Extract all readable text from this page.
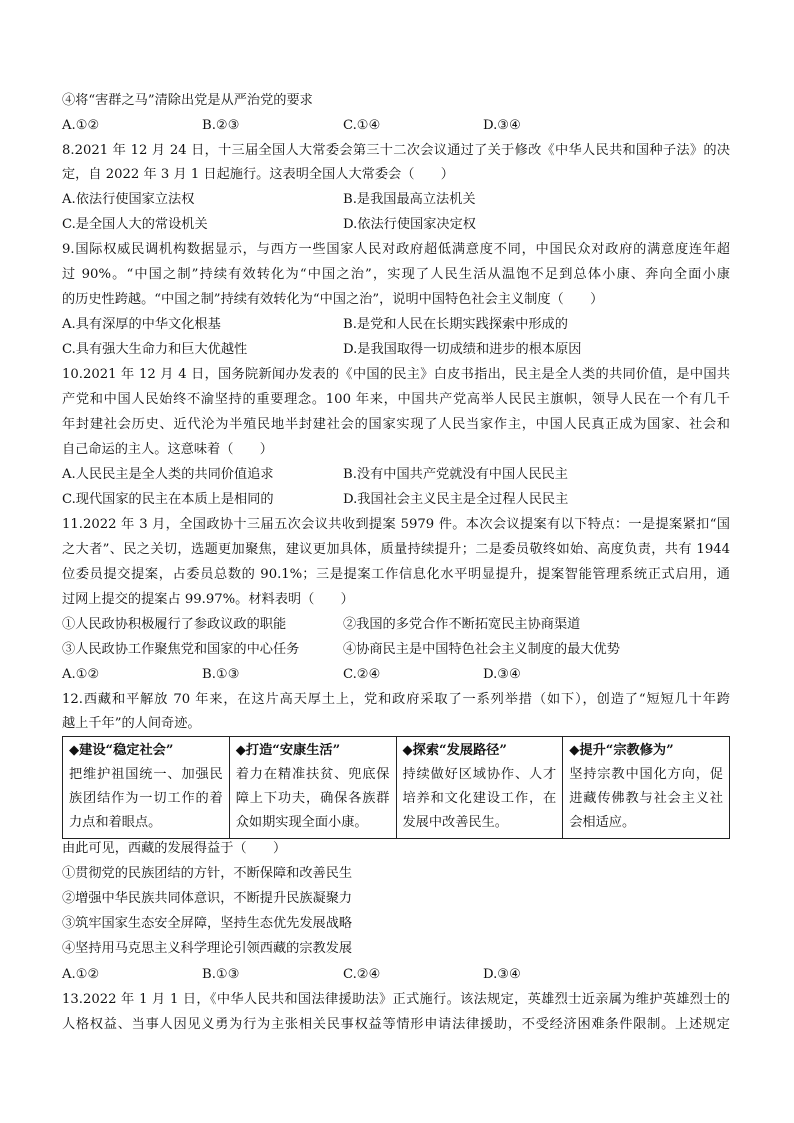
④将“害群之马”清除出党是从严治党的要求
A.①②	B.②③	C.①④	D.③④
8.2021 年 12 月 24 日，十三届全国人大常委会第三十二次会议通过了关于修改《中华人民共和国种子法》的决
定，自 2022 年 3 月 1 日起施行。这表明全国人大常委会（　　）
A.依法行使国家立法权	B.是我国最高立法机关
C.是全国人大的常设机关	D.依法行使国家决定权
9.国际权威民调机构数据显示，与西方一些国家人民对政府超低满意度不同，中国民众对政府的满意度连年超
过 90%。“中国之制”持续有效转化为“中国之治”，实现了人民生活从温饱不足到总体小康、奔向全面小康
的历史性跨越。“中国之制”持续有效转化为“中国之治”，说明中国特色社会主义制度（　　）
A.具有深厚的中华文化根基	B.是党和人民在长期实践探索中形成的
C.具有强大生命力和巨大优越性	D.是我国取得一切成绩和进步的根本原因
10.2021 年 12 月 4 日，国务院新闻办发表的《中国的民主》白皮书指出，民主是全人类的共同价值，是中国共
产党和中国人民始终不渝坚持的重要理念。100 年来，中国共产党高举人民民主旗帜，领导人民在一个有几千
年封建社会历史、近代沦为半殖民地半封建社会的国家实现了人民当家作主，中国人民真正成为国家、社会和
自己命运的主人。这意味着（　　）
A.人民民主是全人类的共同价值追求	B.没有中国共产党就没有中国人民民主
C.现代国家的民主在本质上是相同的	D.我国社会主义民主是全过程人民民主
11.2022 年 3 月，全国政协十三届五次会议共收到提案 5979 件。本次会议提案有以下特点：一是提案紧扣“国
之大者”、民之关切，选题更加聚焦，建议更加具体，质量持续提升；二是委员敬终如始、高度负责，共有 1944
位委员提交提案，占委员总数的 90.1%；三是提案工作信息化水平明显提升，提案智能管理系统正式启用，通
过网上提交的提案占 99.97%。材料表明（　　）
①人民政协积极履行了参政议政的职能	②我国的多党合作不断拓宽民主协商渠道
③人民政协工作聚焦党和国家的中心任务	④协商民主是中国特色社会主义制度的最大优势
A.①②	B.①③	C.②④	D.③④
12.西藏和平解放 70 年来，在这片高天厚土上，党和政府采取了一系列举措（如下），创造了“短短几十年跨
越上千年”的人间奇迹。
◆建设“稳定社会”
把维护祖国统一、加强民族团结作为一切工作的着力点和着眼点。

◆打造“安康生活”
着力在精准扶贫、兜底保障上下功夫，确保各族群众如期实现全面小康。

◆探索“发展路径”
持续做好区域协作、人才培养和文化建设工作，在发展中改善民生。

◆提升“宗教修为”
坚持宗教中国化方向，促进藏传佛教与社会主义社会相适应。
由此可见，西藏的发展得益于（　　）
①贯彻党的民族团结的方针，不断保障和改善民生
②增强中华民族共同体意识，不断提升民族凝聚力
③筑牢国家生态安全屏障，坚持生态优先发展战略
④坚持用马克思主义科学理论引领西藏的宗教发展
A.①②	B.①③	C.②④	D.③④
13.2022 年 1 月 1 日，《中华人民共和国法律援助法》正式施行。该法规定，英雄烈士近亲属为维护英雄烈士的
人格权益、当事人因见义勇为行为主张相关民事权益等情形申请法律援助，不受经济困难条件限制。上述规定
